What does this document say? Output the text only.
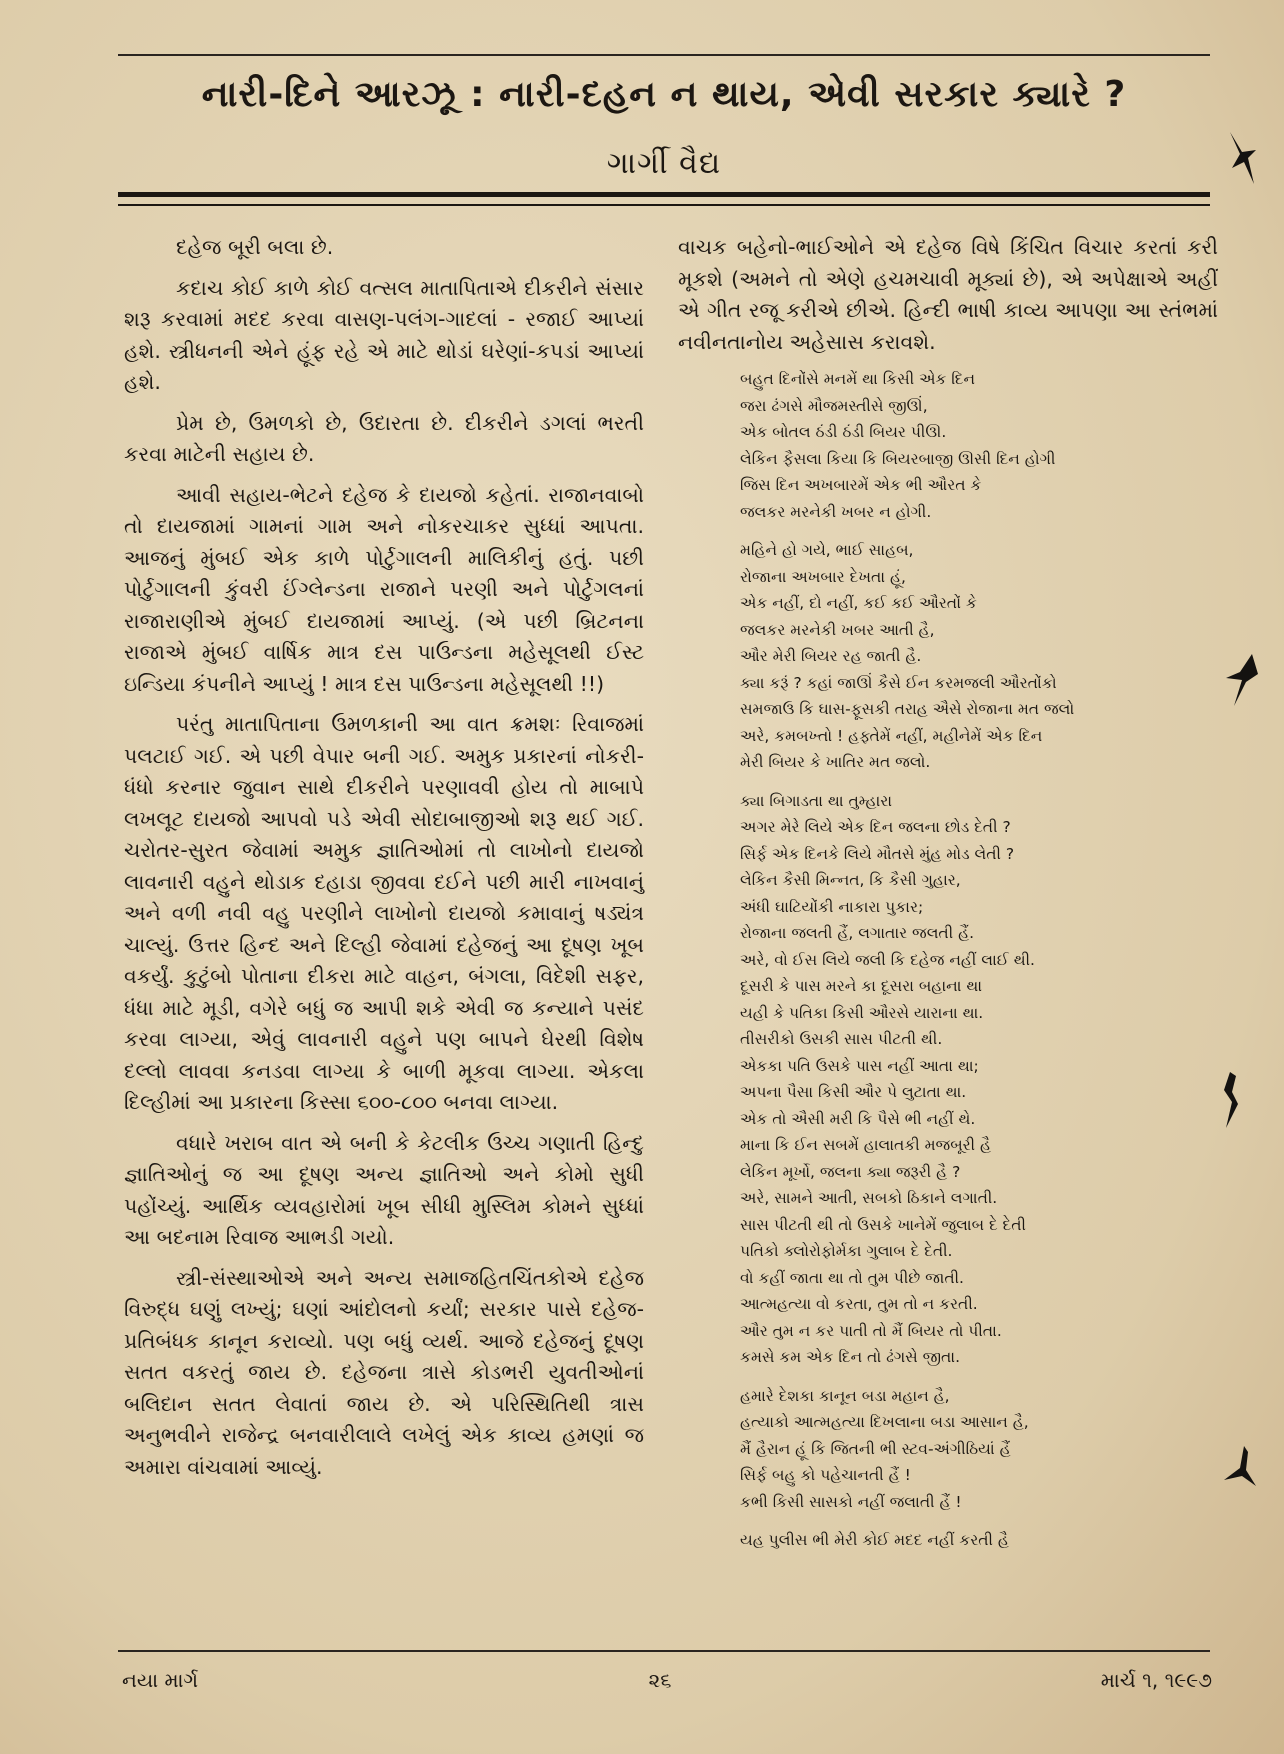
નારી-દિને આરઝૂ : નારી-દહન ન થાય, એવી સરકાર ક્યારે ?
ગાર્ગી વૈદ્ય

દહેજ બૂરી બલા છે.

કદાચ કોઈ કાળે કોઈ વત્સલ માતાપિતાએ દીકરીને સંસાર શરૂ કરવામાં મદદ કરવા વાસણ-પલંગ-ગાદલાં - રજાઈ આપ્યાં હશે. સ્ત્રીધનની એને હૂંફ રહે એ માટે થોડાં ઘરેણાં-કપડાં આપ્યાં હશે.

પ્રેમ છે, ઉમળકો છે, ઉદારતા છે. દીકરીને ડગલાં ભરતી કરવા માટેની સહાય છે.

આવી સહાય-ભેટને દહેજ કે દાયજો કહેતાં. રાજાનવાબો તો દાયજામાં ગામનાં ગામ અને નોકરચાકર સુધ્ધાં આપતા. આજનું મુંબઈ એક કાળે પોર્ટુગાલની માલિકીનું હતું. પછી પોર્ટુગાલની કુંવરી ઈંગ્લેન્ડના રાજાને પરણી અને પોર્ટુગલનાં રાજારાણીએ મુંબઈ દાયજામાં આપ્યું. (એ પછી બ્રિટનના રાજાએ મુંબઈ વાર્ષિક માત્ર દસ પાઉન્ડના મહેસૂલથી ઈસ્ટ ઇન્ડિયા કંપનીને આપ્યું ! માત્ર દસ પાઉન્ડના મહેસૂલથી !!)

પરંતુ માતાપિતાના ઉમળકાની આ વાત ક્રમશઃ રિવાજમાં પલટાઈ ગઈ. એ પછી વેપાર બની ગઈ. અમુક પ્રકારનાં નોકરી-ધંધો કરનાર જુવાન સાથે દીકરીને પરણાવવી હોય તો માબાપે લખલૂટ દાયજો આપવો પડે એવી સોદાબાજીઓ શરૂ થઈ ગઈ. ચરોતર-સુરત જેવામાં અમુક જ્ઞાતિઓમાં તો લાખોનો દાયજો લાવનારી વહુને થોડાક દહાડા જીવવા દઈને પછી મારી નાખવાનું અને વળી નવી વહુ પરણીને લાખોનો દાયજો કમાવાનું ષડ્યંત્ર ચાલ્યું. ઉત્તર હિન્દ અને દિલ્હી જેવામાં દહેજનું આ દૂષણ ખૂબ વકર્યું. કુટુંબો પોતાના દીકરા માટે વાહન, બંગલા, વિદેશી સફર, ધંધા માટે મૂડી, વગેરે બધું જ આપી શકે એવી જ કન્યાને પસંદ કરવા લાગ્યા, એવું લાવનારી વહુને પણ બાપને ઘેરથી વિશેષ દલ્લો લાવવા કનડવા લાગ્યા કે બાળી મૂકવા લાગ્યા. એકલા દિલ્હીમાં આ પ્રકારના કિસ્સા ૬૦૦-૮૦૦ બનવા લાગ્યા.

વધારે ખરાબ વાત એ બની કે કેટલીક ઉચ્ચ ગણાતી હિન્દુ જ્ઞાતિઓનું જ આ દૂષણ અન્ય જ્ઞાતિઓ અને કોમો સુધી પહોંચ્યું. આર્થિક વ્યવહારોમાં ખૂબ સીધી મુસ્લિમ કોમને સુધ્ધાં આ બદનામ રિવાજ આભડી ગયો.

સ્ત્રી-સંસ્થાઓએ અને અન્ય સમાજહિતચિંતકોએ દહેજ વિરુદ્ધ ઘણું લખ્યું; ઘણાં આંદોલનો કર્યાં; સરકાર પાસે દહેજ-પ્રતિબંધક કાનૂન કરાવ્યો. પણ બધું વ્યર્થ. આજે દહેજનું દૂષણ સતત વકરતું જાય છે. દહેજના ત્રાસે કોડભરી યુવતીઓનાં બલિદાન સતત લેવાતાં જાય છે. એ પરિસ્થિતિથી ત્રાસ અનુભવીને રાજેન્દ્ર બનવારીલાલે લખેલું એક કાવ્ય હમણાં જ અમારા વાંચવામાં આવ્યું.

વાચક બહેનો-ભાઈઓને એ દહેજ વિષે કિંચિત વિચાર કરતાં કરી મૂકશે (અમને તો એણે હચમચાવી મૂક્યાં છે), એ અપેક્ષાએ અહીં એ ગીત રજૂ કરીએ છીએ. હિન્દી ભાષી કાવ્ય આપણા આ સ્તંભમાં નવીનતાનોય અહેસાસ કરાવશે.

બહુત દિનોંસે મનમેં થા કિસી એક દિન
જરા ઢંગસે મૌજમસ્તીસે જીઊં,
એક બોતલ ઠંડી ઠંડી બિયર પીઊ.
લેકિન ફૈસલા કિયા કિ બિયરબાજી ઊસી દિન હોગી
જિસ દિન અખબારમેં એક ભી ઔરત કે
જલકર મરનેકી ખબર ન હોગી.
મહિને હો ગયે, ભાઈ સાહબ,
રોજાના અખબાર દેખતા હૂં,
એક નહીં, દો નહીં, કઈ કઈ ઔરતોં કે
જલકર મરનેકી ખબર આતી હૈ,
ઔર મેરી બિયર રહ જાતી હૈ.
ક્યા કરૂં ? કહાં જાઊં કૈસે ઈન કરમજલી ઔરતોંકો
સમજાઉ કિ ઘાસ-ફૂસકી તરાહ ઐસે રોજાના મત જલો
અરે, કમબખ્તો ! હફ્તેમેં નહીં, મહીનેમેં એક દિન
મેરી બિયર કે ખાતિર મત જલો.
ક્યા બિગાડતા થા તુમ્હારા
અગર મેરે લિયે એક દિન જલના છોડ દેતી ?
સિર્ફ એક દિનકે લિયે મૌતસે મુંહ મોડ લેતી ?
લેકિન કૈસી મિન્નત, કિ કૈસી ગુહાર,
અંધી ઘાટિયોંકી નાકારા પુકાર;
રોજાના જલતી હૈં, લગાતાર જલતી હૈં.
અરે, વો ઈસ લિયે જલી કિ દહેજ નહીં લાઈ થી.
દૂસરી કે પાસ મરને કા દૂસરા બહાના થા
યહી કે પતિકા કિસી ઔરસે યારાના થા.
તીસરીકો ઉસકી સાસ પીટતી થી.
એકકા પતિ ઉસકે પાસ નહીં આતા થા;
અપના પૈસા કિસી ઔર પે લુટાતા થા.
એક તો ઐસી મરી કિ પૈસે ભી નહીં થે.
માના કિ ઈન સબમેં હાલાતકી મજબૂરી હૈ
લેકિન મૂર્ખો, જલના ક્યા જરૂરી હૈ ?
અરે, સામને આતી, સબકો ઠિકાને લગાતી.
સાસ પીટતી થી તો ઉસકે ખાનેમેં જુલાબ દે દેતી
પતિકો ક્લોરોફોર્મકા ગુલાબ દે દેતી.
વો કહીં જાતા થા તો તુમ પીછે જાતી.
આત્મહત્યા વો કરતા, તુમ તો ન કરતી.
ઔર તુમ ન કર પાતી તો મૈં બિયર તો પીતા.
કમસે કમ એક દિન તો ઢંગસે જીતા.
હમારે દેશકા કાનૂન બડા મહાન હૈ,
હત્યાકો આત્મહત્યા દિખલાના બડા આસાન હૈ,
મૈં હૈરાન હૂં કિ જિતની ભી સ્ટવ-અંગીઠિયાં હૈં
સિર્ફ બહુ કો પહેચાનતી હૈં !
કભી કિસી સાસકો નહીં જલાતી હૈં !
યહ પુલીસ ભી મેરી કોઈ મદદ નહીં કરતી હૈ
નયા માર્ગ	૨૬	માર્ચ ૧, ૧૯૯૭
